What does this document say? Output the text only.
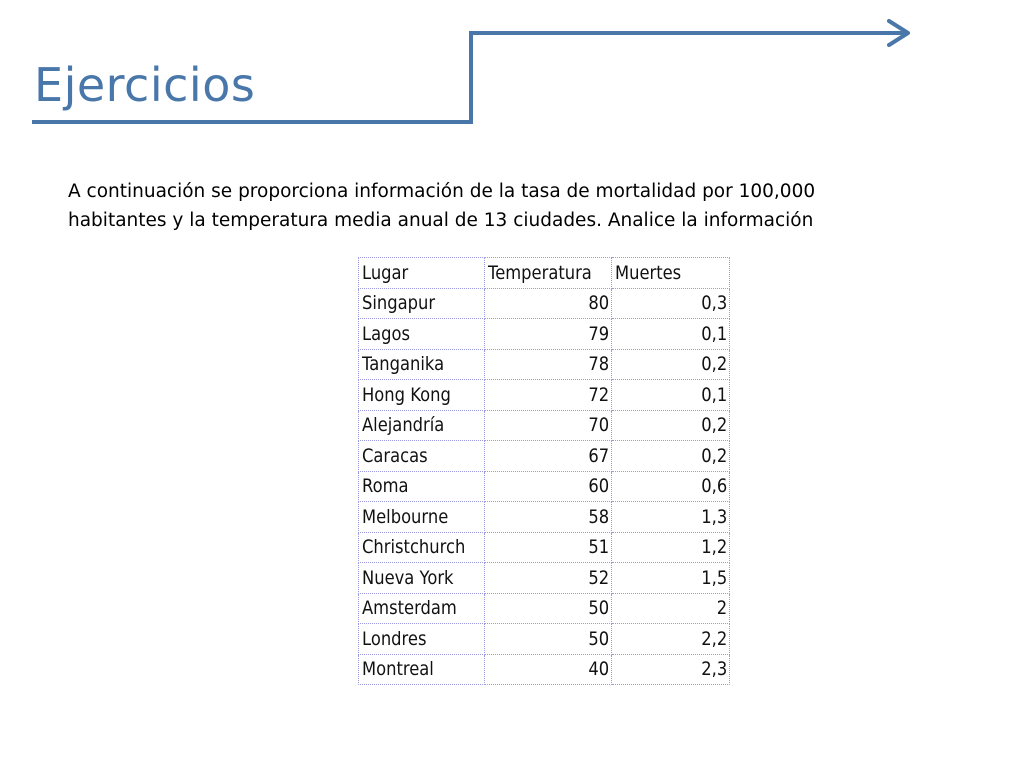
Ejercicios
A continuación se proporciona información de la tasa de mortalidad por 100,000
habitantes y la temperatura media anual de 13 ciudades. Analice la información
Lugar	Temperatura	Muertes
Singapur	80	0,3
Lagos	79	0,1
Tanganika	78	0,2
Hong Kong	72	0,1
Alejandría	70	0,2
Caracas	67	0,2
Roma	60	0,6
Melbourne	58	1,3
Christchurch	51	1,2
Nueva York	52	1,5
Amsterdam	50	2
Londres	50	2,2
Montreal	40	2,3
